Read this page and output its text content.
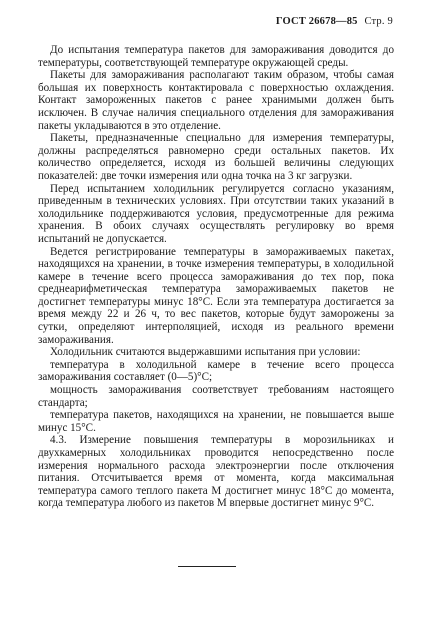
ГОСТ 26678—85 Стр. 9

До испытания температура пакетов для замораживания доводится до температуры, соответствующей температуре окружающей среды.

Пакеты для замораживания располагают таким образом, чтобы самая большая их поверхность контактировала с поверхностью охлаждения. Контакт замороженных пакетов с ранее хранимыми должен быть исключен. В случае наличия специального отделения для замораживания пакеты укладываются в это отделение.

Пакеты, предназначенные специально для измерения температуры, должны распределяться равномерно среди остальных пакетов. Их количество определяется, исходя из большей величины следующих показателей: две точки измерения или одна точка на 3 кг загрузки.

Перед испытанием холодильник регулируется согласно указаниям, приведенным в технических условиях. При отсутствии таких указаний в холодильнике поддерживаются условия, предусмотренные для режима хранения. В обоих случаях осуществлять регулировку во время испытаний не допускается.

Ведется регистрирование температуры в замораживаемых пакетах, находящихся на хранении, в точке измерения температуры, в холодильной камере в течение всего процесса замораживания до тех пор, пока среднеарифметическая температура замораживаемых пакетов не достигнет температуры минус 18°С. Если эта температура достигается за время между 22 и 26 ч, то вес пакетов, которые будут заморожены за сутки, определяют интерполяцией, исходя из реального времени замораживания.

Холодильник считаются выдержавшими испытания при условии:

температура в холодильной камере в течение всего процесса замораживания составляет (0—5)°С;

мощность замораживания соответствует требованиям настоящего стандарта;

температура пакетов, находящихся на хранении, не повышается выше минус 15°С.

4.3. Измерение повышения температуры в морозильниках и двухкамерных холодильниках проводится непосредственно после измерения нормального расхода электроэнергии после отключения питания. Отсчитывается время от момента, когда максимальная температура самого теплого пакета М достигнет минус 18°С до момента, когда температура любого из пакетов М впервые достигнет минус 9°С.
